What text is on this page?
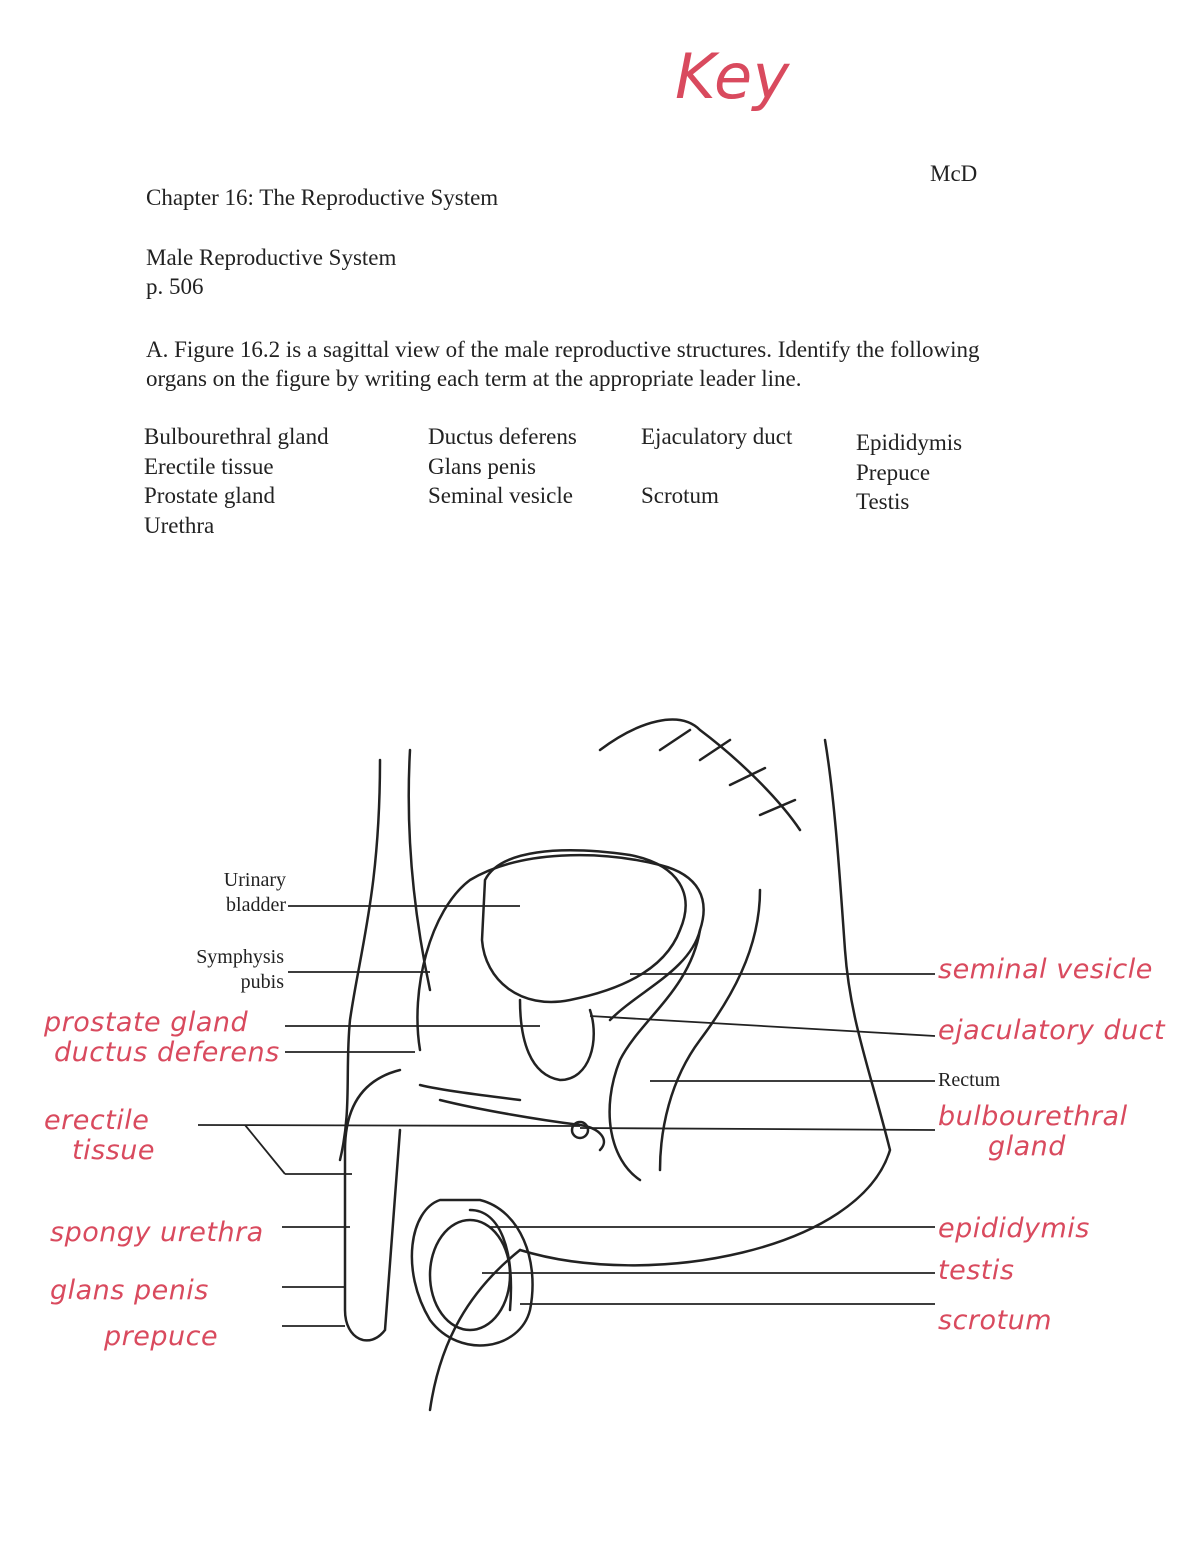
Key
McD
Chapter 16: The Reproductive System
Male Reproductive System
p. 506
A. Figure 16.2 is a sagittal view of the male reproductive structures. Identify the following organs on the figure by writing each term at the appropriate leader line.
Bulbourethral gland
Erectile tissue
Prostate gland
Urethra
Ductus deferens
Glans penis
Seminal vesicle
Ejaculatory duct

Scrotum
Epididymis
Prepuce
Testis
Urinary
bladder
Symphysis
pubis
Rectum
prostate gland
ductus deferens
erectile
tissue
spongy urethra
glans penis
prepuce
seminal vesicle
ejaculatory duct
bulbourethral
gland
epididymis
testis
scrotum
